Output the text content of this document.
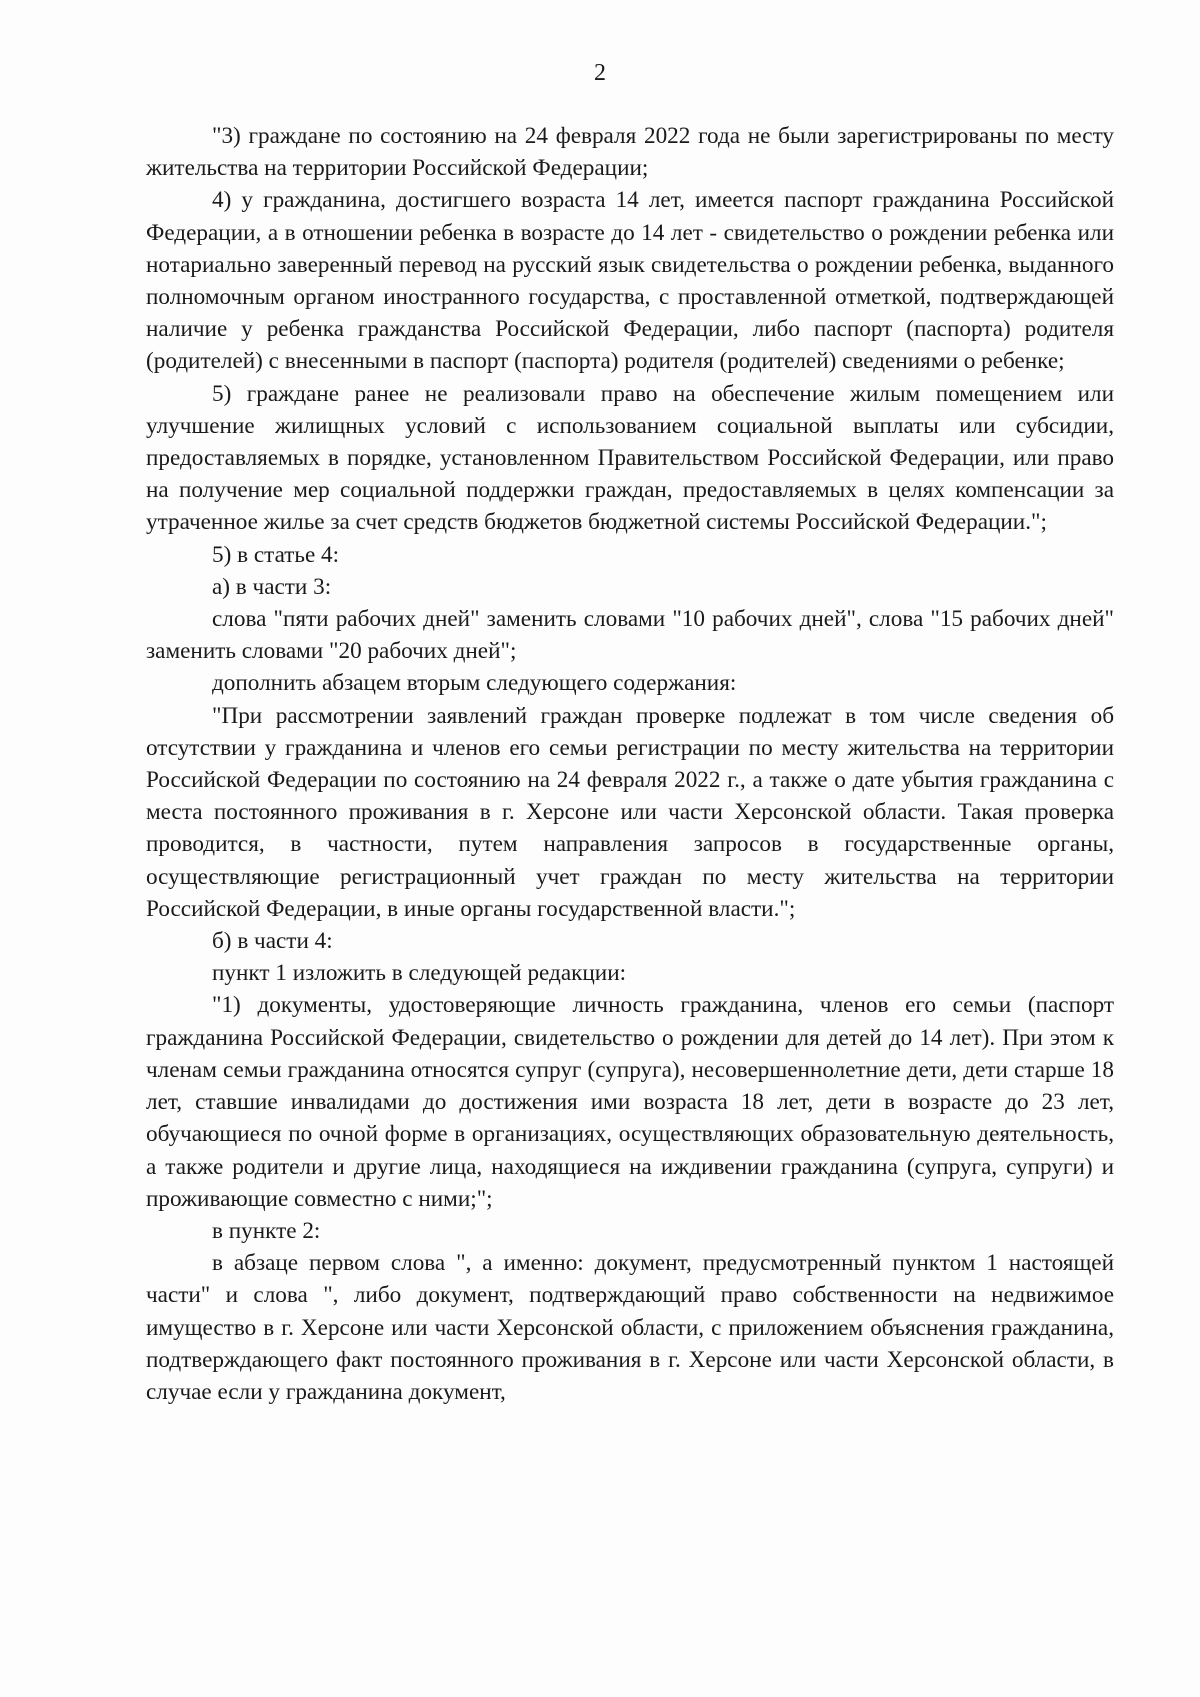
2

"3) граждане по состоянию на 24 февраля 2022 года не были зарегистрированы по месту жительства на территории Российской Федерации;

4) у гражданина, достигшего возраста 14 лет, имеется паспорт гражданина Российской Федерации, а в отношении ребенка в возрасте до 14 лет - свидетельство о рождении ребенка или нотариально заверенный перевод на русский язык свидетельства о рождении ребенка, выданного полномочным органом иностранного государства, с проставленной отметкой, подтверждающей наличие у ребенка гражданства Российской Федерации, либо паспорт (паспорта) родителя (родителей) с внесенными в паспорт (паспорта) родителя (родителей) сведениями о ребенке;

5) граждане ранее не реализовали право на обеспечение жилым помещением или улучшение жилищных условий с использованием социальной выплаты или субсидии, предоставляемых в порядке, установленном Правительством Российской Федерации, или право на получение мер социальной поддержки граждан, предоставляемых в целях компенсации за утраченное жилье за счет средств бюджетов бюджетной системы Российской Федерации.";

5) в статье 4:

а) в части 3:

слова "пяти рабочих дней" заменить словами "10 рабочих дней", слова "15 рабочих дней" заменить словами "20 рабочих дней";

дополнить абзацем вторым следующего содержания:

"При рассмотрении заявлений граждан проверке подлежат в том числе сведения об отсутствии у гражданина и членов его семьи регистрации по месту жительства на территории Российской Федерации по состоянию на 24 февраля 2022 г., а также о дате убытия гражданина с места постоянного проживания в г. Херсоне или части Херсонской области. Такая проверка проводится, в частности, путем направления запросов в государственные органы, осуществляющие регистрационный учет граждан по месту жительства на территории Российской Федерации, в иные органы государственной власти.";

б) в части 4:

пункт 1 изложить в следующей редакции:

"1) документы, удостоверяющие личность гражданина, членов его семьи (паспорт гражданина Российской Федерации, свидетельство о рождении для детей до 14 лет). При этом к членам семьи гражданина относятся супруг (супруга), несовершеннолетние дети, дети старше 18 лет, ставшие инвалидами до достижения ими возраста 18 лет, дети в возрасте до 23 лет, обучающиеся по очной форме в организациях, осуществляющих образовательную деятельность, а также родители и другие лица, находящиеся на иждивении гражданина (супруга, супруги) и проживающие совместно с ними;";

в пункте 2:

в абзаце первом слова ", а именно: документ, предусмотренный пунктом 1 настоящей части" и слова ", либо документ, подтверждающий право собственности на недвижимое имущество в г. Херсоне или части Херсонской области, с приложением объяснения гражданина, подтверждающего факт постоянного проживания в г. Херсоне или части Херсонской области, в случае если у гражданина документ,
